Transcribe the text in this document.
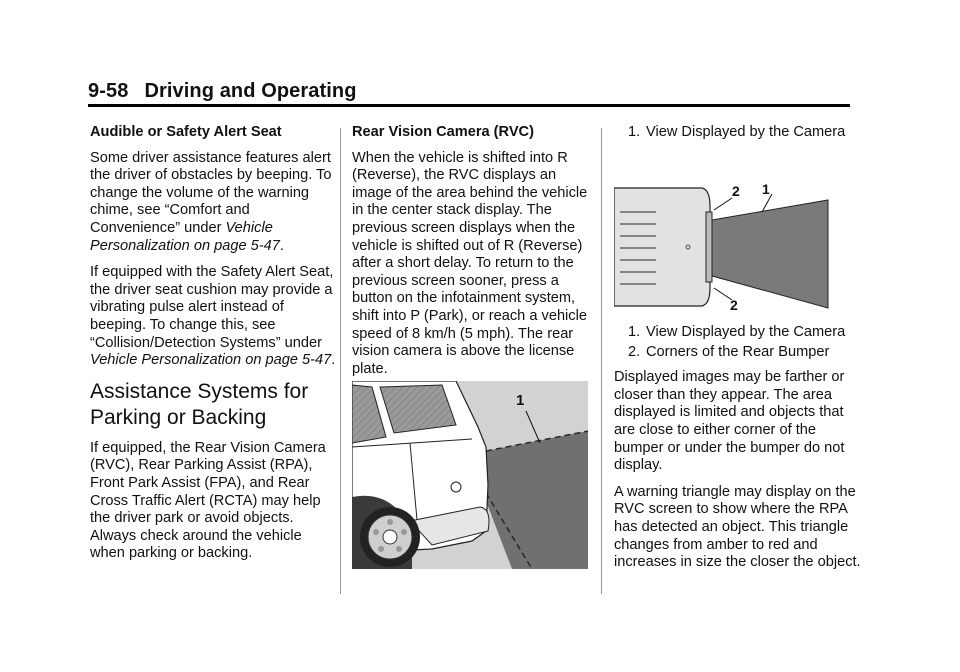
9-58 Driving and Operating

Audible or Safety Alert Seat

Some driver assistance features alert the driver of obstacles by beeping. To change the volume of the warning chime, see “Comfort and Convenience” under Vehicle Personalization on page 5-47.

If equipped with the Safety Alert Seat, the driver seat cushion may provide a vibrating pulse alert instead of beeping. To change this, see “Collision/Detection Systems” under Vehicle Personalization on page 5-47.

Assistance Systems for Parking or Backing

If equipped, the Rear Vision Camera (RVC), Rear Parking Assist (RPA), Front Park Assist (FPA), and Rear Cross Traffic Alert (RCTA) may help the driver park or avoid objects. Always check around the vehicle when parking or backing.

Rear Vision Camera (RVC)

When the vehicle is shifted into R (Reverse), the RVC displays an image of the area behind the vehicle in the center stack display. The previous screen displays when the vehicle is shifted out of R (Reverse) after a short delay. To return to the previous screen sooner, press a button on the infotainment system, shift into P (Park), or reach a vehicle speed of 8 km/h (5 mph). The rear vision camera is above the license plate.

1
1. View Displayed by the Camera
2 1
2
1. View Displayed by the Camera
2. Corners of the Rear Bumper

Displayed images may be farther or closer than they appear. The area displayed is limited and objects that are close to either corner of the bumper or under the bumper do not display.

A warning triangle may display on the RVC screen to show where the RPA has detected an object. This triangle changes from amber to red and increases in size the closer the object.
